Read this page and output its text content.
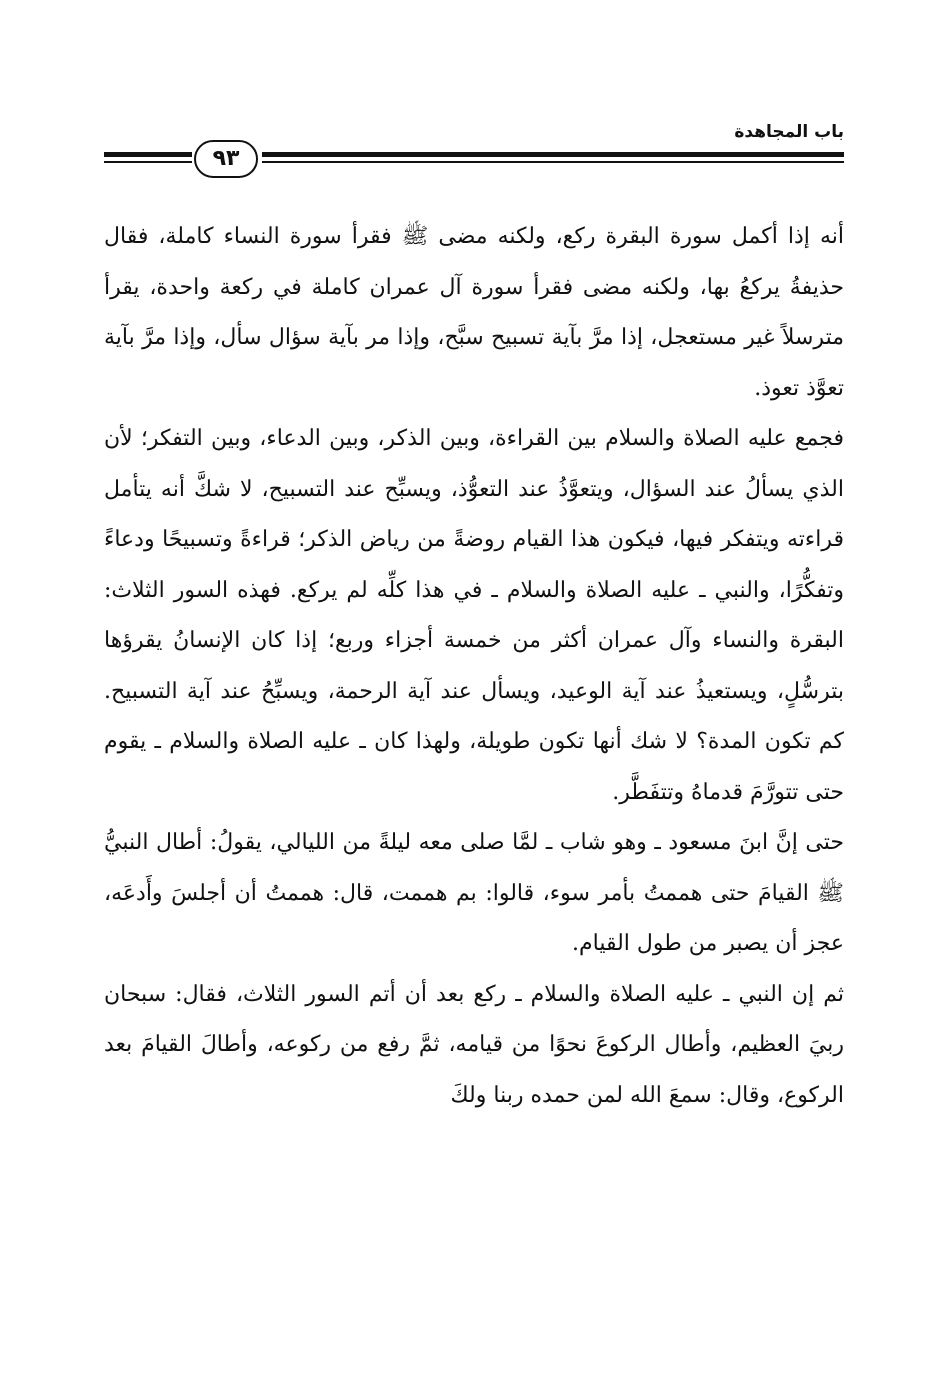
باب المجاهدة
٩٣

أنه إذا أكمل سورة البقرة ركع، ولكنه مضى ﷺ فقرأ سورة النساء كاملة، فقال حذيفةُ يركعُ بها، ولكنه مضى فقرأ سورة آل عمران كاملة في ركعة واحدة، يقرأ مترسلاً غير مستعجل، إذا مرَّ بآية تسبيح سبَّح، وإذا مر بآية سؤال سأل، وإذا مرَّ بآية تعوَّذ تعوذ.

فجمع عليه الصلاة والسلام بين القراءة، وبين الذكر، وبين الدعاء، وبين التفكر؛ لأن الذي يسألُ عند السؤال، ويتعوَّذُ عند التعوُّذ، ويسبِّح عند التسبيح، لا شكَّ أنه يتأمل قراءته ويتفكر فيها، فيكون هذا القيام روضةً من رياض الذكر؛ قراءةً وتسبيحًا ودعاءً وتفكُّرًا، والنبي ـ عليه الصلاة والسلام ـ في هذا كلِّه لم يركع. فهذه السور الثلاث: البقرة والنساء وآل عمران أكثر من خمسة أجزاء وربع؛ إذا كان الإنسانُ يقرؤها بترسُّلٍ، ويستعيذُ عند آية الوعيد، ويسأل عند آية الرحمة، ويسبِّحُ عند آية التسبيح. كم تكون المدة؟ لا شك أنها تكون طويلة، ولهذا كان ـ عليه الصلاة والسلام ـ يقوم حتى تتورَّمَ قدماهُ وتتفَطَّر.

حتى إنَّ ابنَ مسعود ـ وهو شاب ـ لمَّا صلى معه ليلةً من الليالي، يقولُ: أطال النبيُّ ﷺ القيامَ حتى هممتُ بأمر سوء، قالوا: بم هممت، قال: هممتُ أن أجلسَ وأَدعَه، عجز أن يصبر من طول القيام.

ثم إن النبي ـ عليه الصلاة والسلام ـ ركع بعد أن أتم السور الثلاث، فقال: سبحان ربيَ العظيم، وأطال الركوعَ نحوًا من قيامه، ثمَّ رفع من ركوعه، وأطالَ القيامَ بعد الركوع، وقال: سمعَ الله لمن حمده ربنا ولكَ
